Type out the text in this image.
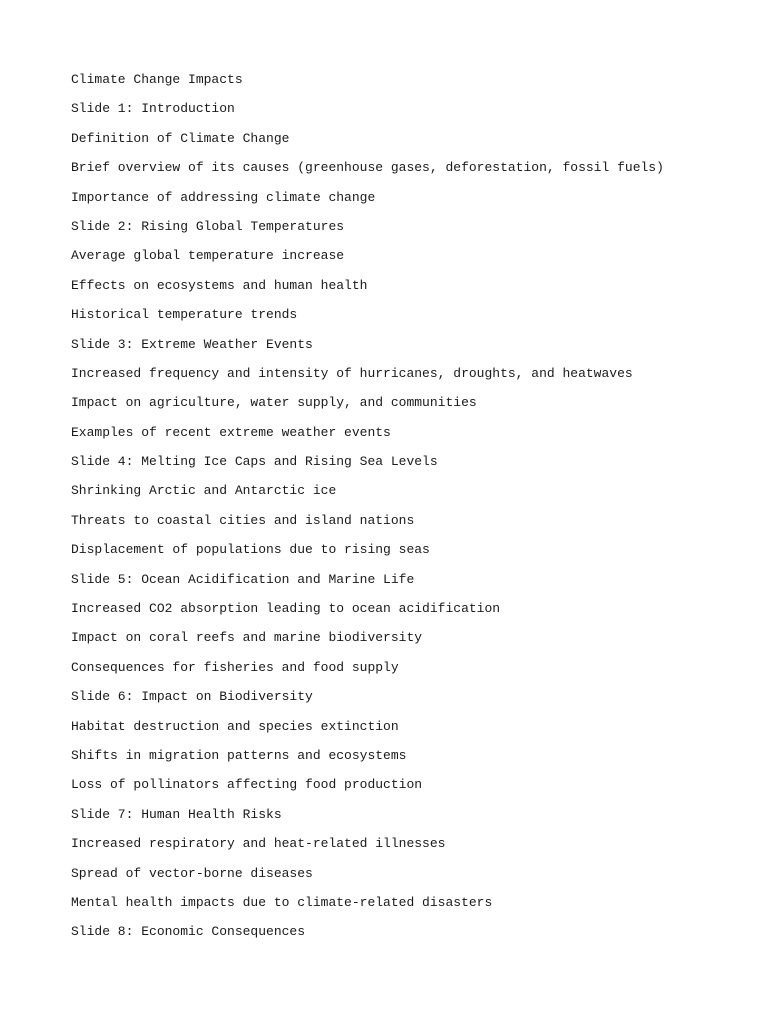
Climate Change Impacts
Slide 1: Introduction
Definition of Climate Change
Brief overview of its causes (greenhouse gases, deforestation, fossil fuels)
Importance of addressing climate change
Slide 2: Rising Global Temperatures
Average global temperature increase
Effects on ecosystems and human health
Historical temperature trends
Slide 3: Extreme Weather Events
Increased frequency and intensity of hurricanes, droughts, and heatwaves
Impact on agriculture, water supply, and communities
Examples of recent extreme weather events
Slide 4: Melting Ice Caps and Rising Sea Levels
Shrinking Arctic and Antarctic ice
Threats to coastal cities and island nations
Displacement of populations due to rising seas
Slide 5: Ocean Acidification and Marine Life
Increased CO2 absorption leading to ocean acidification
Impact on coral reefs and marine biodiversity
Consequences for fisheries and food supply
Slide 6: Impact on Biodiversity
Habitat destruction and species extinction
Shifts in migration patterns and ecosystems
Loss of pollinators affecting food production
Slide 7: Human Health Risks
Increased respiratory and heat-related illnesses
Spread of vector-borne diseases
Mental health impacts due to climate-related disasters
Slide 8: Economic Consequences
